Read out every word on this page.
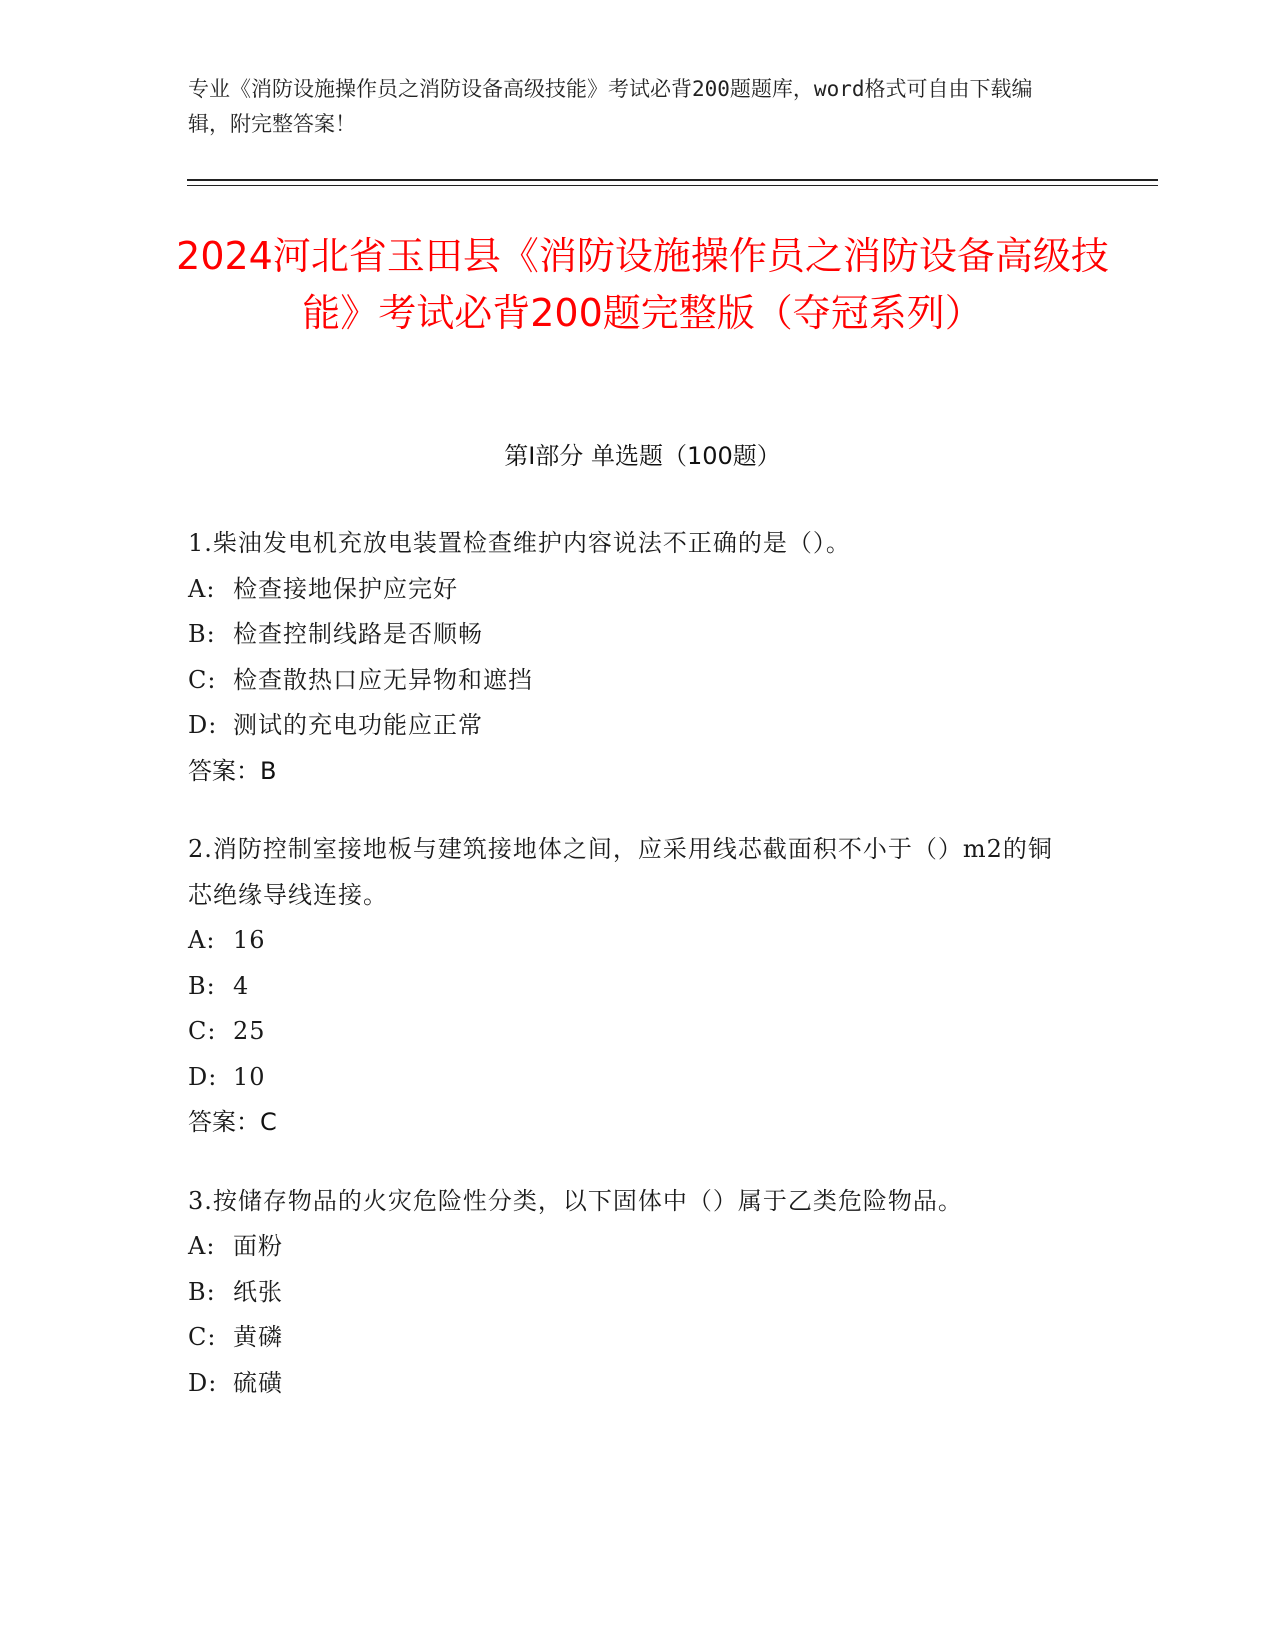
专业《消防设施操作员之消防设备高级技能》考试必背200题题库，word格式可自由下载编辑，附完整答案！
2024河北省玉田县《消防设施操作员之消防设备高级技能》考试必背200题完整版（夺冠系列）
第I部分 单选题（100题）
1.柴油发电机充放电装置检查维护内容说法不正确的是（）。
A: 检查接地保护应完好
B: 检查控制线路是否顺畅
C: 检查散热口应无异物和遮挡
D: 测试的充电功能应正常
答案：B
2.消防控制室接地板与建筑接地体之间，应采用线芯截面积不小于（）m2的铜芯绝缘导线连接。
A: 16
B: 4
C: 25
D: 10
答案：C
3.按储存物品的火灾危险性分类，以下固体中（）属于乙类危险物品。
A: 面粉
B: 纸张
C: 黄磷
D: 硫磺
